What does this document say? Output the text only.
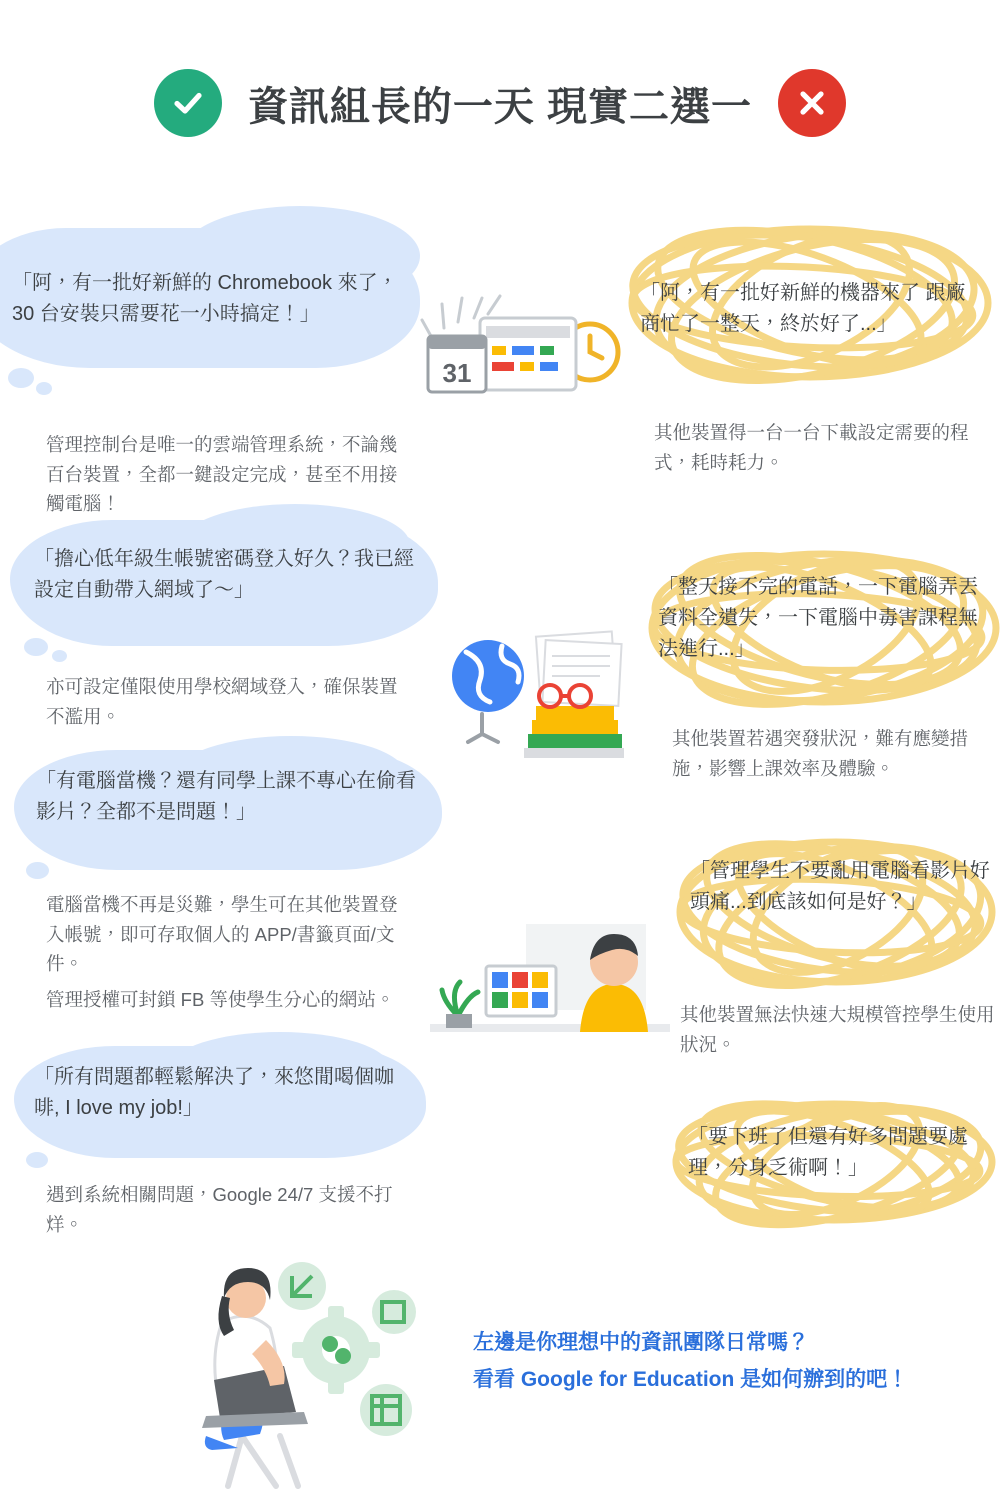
資訊組長的一天 現實二選一
「阿，有一批好新鮮的 Chromebook 來了，30 台安裝只需要花一小時搞定！」
管理控制台是唯一的雲端管理系統，不論幾百台裝置，全都一鍵設定完成，甚至不用接觸電腦！
「擔心低年級生帳號密碼登入好久？我已經設定自動帶入網域了～」
亦可設定僅限使用學校網域登入，確保裝置不濫用。
「有電腦當機？還有同學上課不專心在偷看影片？全都不是問題！」
電腦當機不再是災難，學生可在其他裝置登入帳號，即可存取個人的 APP/書籤頁面/文件。
管理授權可封鎖 FB 等使學生分心的網站。
「所有問題都輕鬆解決了，來悠閒喝個咖啡, I love my job!」
遇到系統相關問題，Google 24/7 支援不打烊。
「阿，有一批好新鮮的機器來了 跟廠商忙了一整天，終於好了...」
其他裝置得一台一台下載設定需要的程式，耗時耗力。
「整天接不完的電話，一下電腦弄丟資料全遺失，一下電腦中毒害課程無法進行...」
其他裝置若遇突發狀況，難有應變措施，影響上課效率及體驗。
「管理學生不要亂用電腦看影片好頭痛...到底該如何是好？」
其他裝置無法快速大規模管控學生使用狀況。
「要下班了但還有好多問題要處理，分身乏術啊！」
31
左邊是你理想中的資訊團隊日常嗎？
看看 Google for Education 是如何辦到的吧！
